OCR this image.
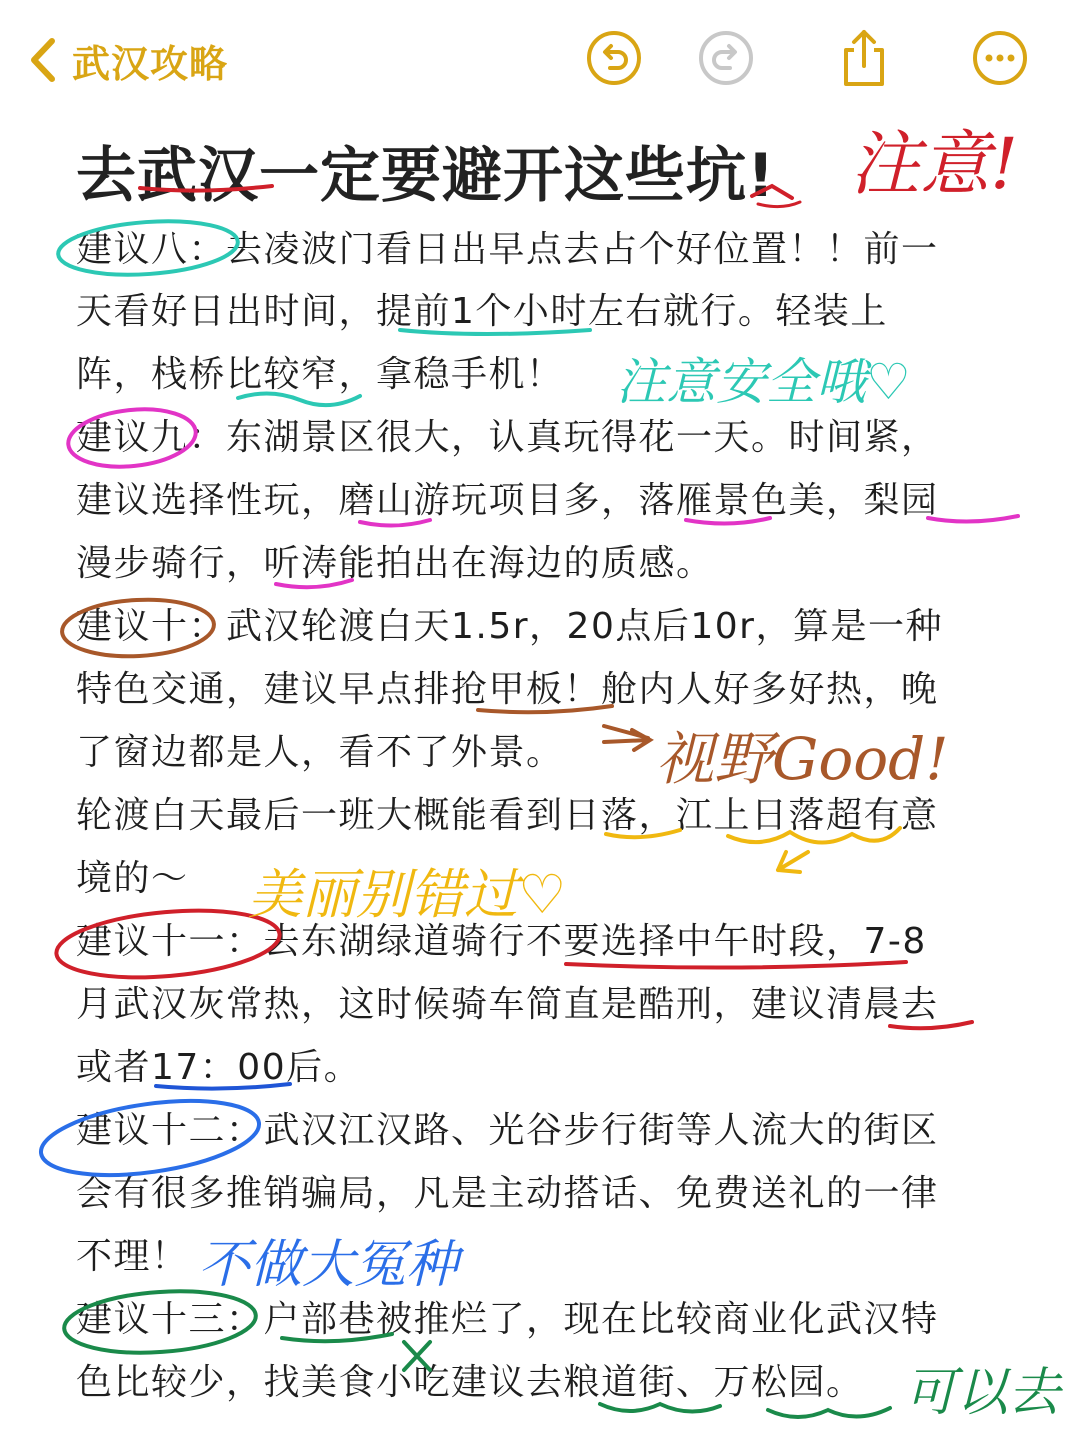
武汉攻略
去武汉一定要避开这些坑!
建议八：去凌波门看日出早点去占个好位置！！前一
天看好日出时间，提前1个小时左右就行。轻装上
阵，栈桥比较窄，拿稳手机！
建议九：东湖景区很大，认真玩得花一天。时间紧，
建议选择性玩，磨山游玩项目多，落雁景色美，梨园
漫步骑行，听涛能拍出在海边的质感。
建议十：武汉轮渡白天1.5r，20点后10r，算是一种
特色交通，建议早点排抢甲板！舱内人好多好热，晚
了窗边都是人，看不了外景。
轮渡白天最后一班大概能看到日落，江上日落超有意
境的～
建议十一：去东湖绿道骑行不要选择中午时段，7-8
月武汉灰常热，这时候骑车简直是酷刑，建议清晨去
或者17：00后。
建议十二：武汉江汉路、光谷步行街等人流大的街区
会有很多推销骗局，凡是主动搭话、免费送礼的一律
不理！
建议十三：户部巷被推烂了，现在比较商业化武汉特
色比较少，找美食小吃建议去粮道街、万松园。
注意!
注意安全哦♡
视野Good!
美丽别错过♡
不做大冤种
可以去
